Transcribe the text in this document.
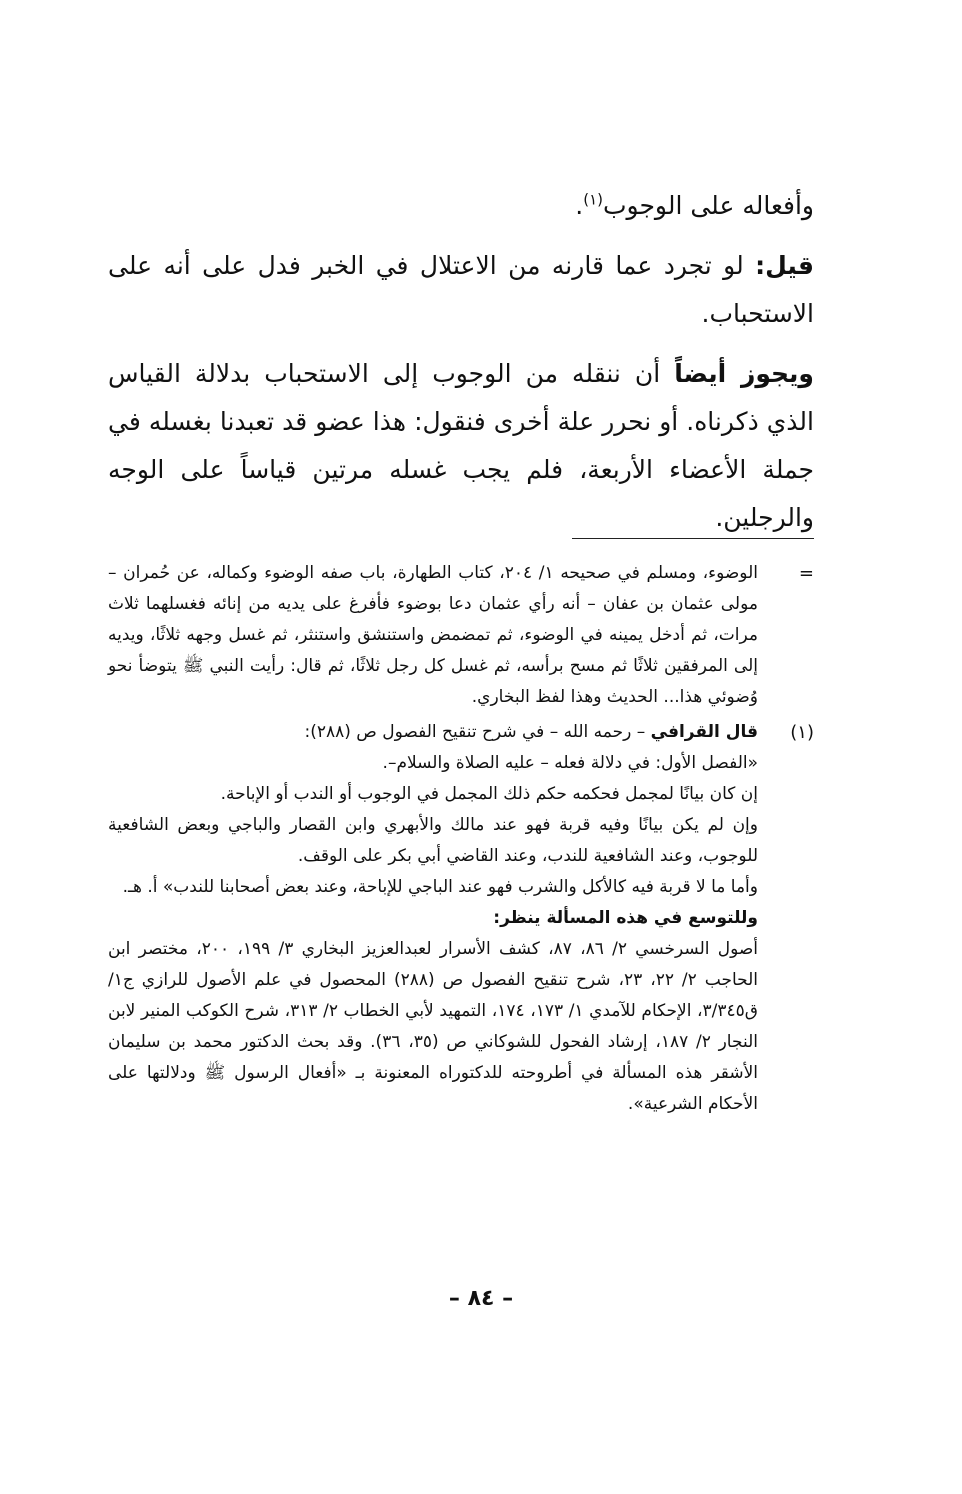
وأفعاله على الوجوب$^{(١)}$.

قيل: لو تجرد عما قارنه من الاعتلال في الخبر فدل على أنه على الاستحباب.

ويجوز أيضاً أن ننقله من الوجوب إلى الاستحباب بدلالة القياس الذي ذكرناه. أو نحرر علة أخرى فنقول: هذا عضو قد تعبدنا بغسله في جملة الأعضاء الأربعة، فلم يجب غسله مرتين قياساً على الوجه والرجلين.

=
الوضوء، ومسلم في صحيحه ١/ ٢٠٤، كتاب الطهارة، باب صفه الوضوء وكماله، عن حُمران – مولى عثمان بن عفان – أنه رأي عثمان دعا بوضوء فأفرغ على يديه من إنائه فغسلهما ثلاث مرات، ثم أدخل يمينه في الوضوء، ثم تمضمض واستنشق واستنثر، ثم غسل وجهه ثلاثًا، ويديه إلى المرفقين ثلاثًا ثم مسح برأسه، ثم غسل كل رجل ثلاثًا، ثم قال: رأيت النبي ﷺ يتوضأ نحو وُضوئي هذا... الحديث وهذا لفظ البخاري.
(١)
قال القرافي – رحمه الله – في شرح تنقيح الفصول ص (٢٨٨):
«الفصل الأول: في دلالة فعله – عليه الصلاة والسلام–.
إن كان بيانًا لمجمل فحكمه حكم ذلك المجمل في الوجوب أو الندب أو الإباحة.
وإن لم يكن بيانًا وفيه قربة فهو عند مالك والأبهري وابن القصار والباجي وبعض الشافعية للوجوب، وعند الشافعية للندب، وعند القاضي أبي بكر على الوقف.
وأما ما لا قربة فيه كالأكل والشرب فهو عند الباجي للإباحة، وعند بعض أصحابنا للندب» أ. هـ.
وللتوسع في هذه المسألة ينظر:
أصول السرخسي ٢/ ٨٦، ٨٧، كشف الأسرار لعبدالعزيز البخاري ٣/ ١٩٩، ٢٠٠، مختصر ابن الحاجب ٢/ ٢٢، ٢٣، شرح تنقيح الفصول ص (٢٨٨) المحصول في علم الأصول للرازي ج١/ق٣/٣٤٥، الإحكام للآمدي ١/ ١٧٣، ١٧٤، التمهيد لأبي الخطاب ٢/ ٣١٣، شرح الكوكب المنير لابن النجار ٢/ ١٨٧، إرشاد الفحول للشوكاني ص (٣٥، ٣٦). وقد بحث الدكتور محمد بن سليمان الأشقر هذه المسألة في أطروحته للدكتوراه المعنونة بـ «أفعال الرسول ﷺ ودلالتها على الأحكام الشرعية».
– ٨٤ –
